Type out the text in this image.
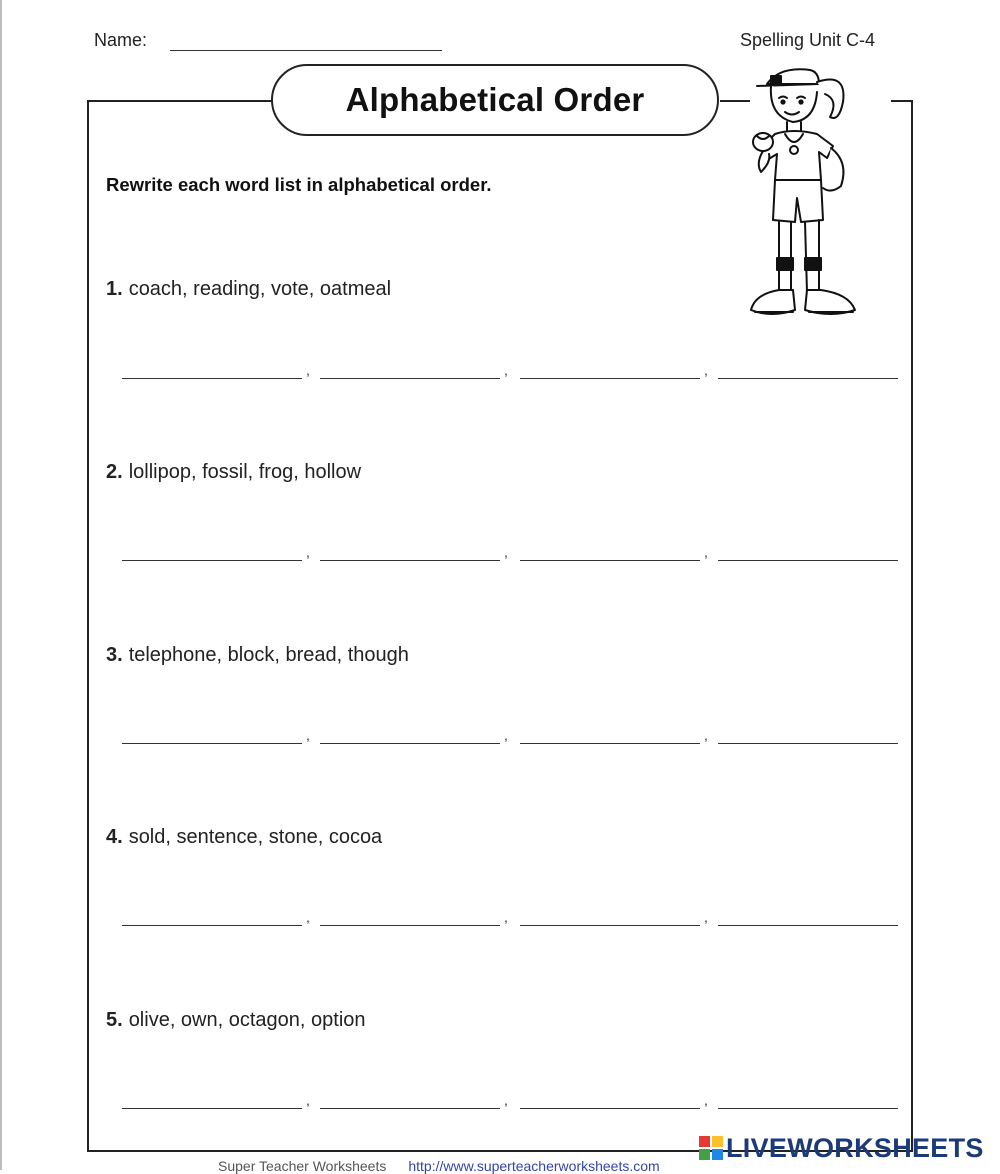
Name:	Spelling Unit C-4
Alphabetical Order
Rewrite each word list in alphabetical order.
1. coach, reading, vote, oatmeal
,	,	,
2. lollipop, fossil, frog, hollow
,	,	,
3. telephone, block, bread, though
,	,	,
4. sold, sentence, stone, cocoa
,	,	,
5. olive, own, octagon, option
,	,	,
Super Teacher Worksheets http://www.superteacherworksheets.com
LIVEWORKSHEETS
